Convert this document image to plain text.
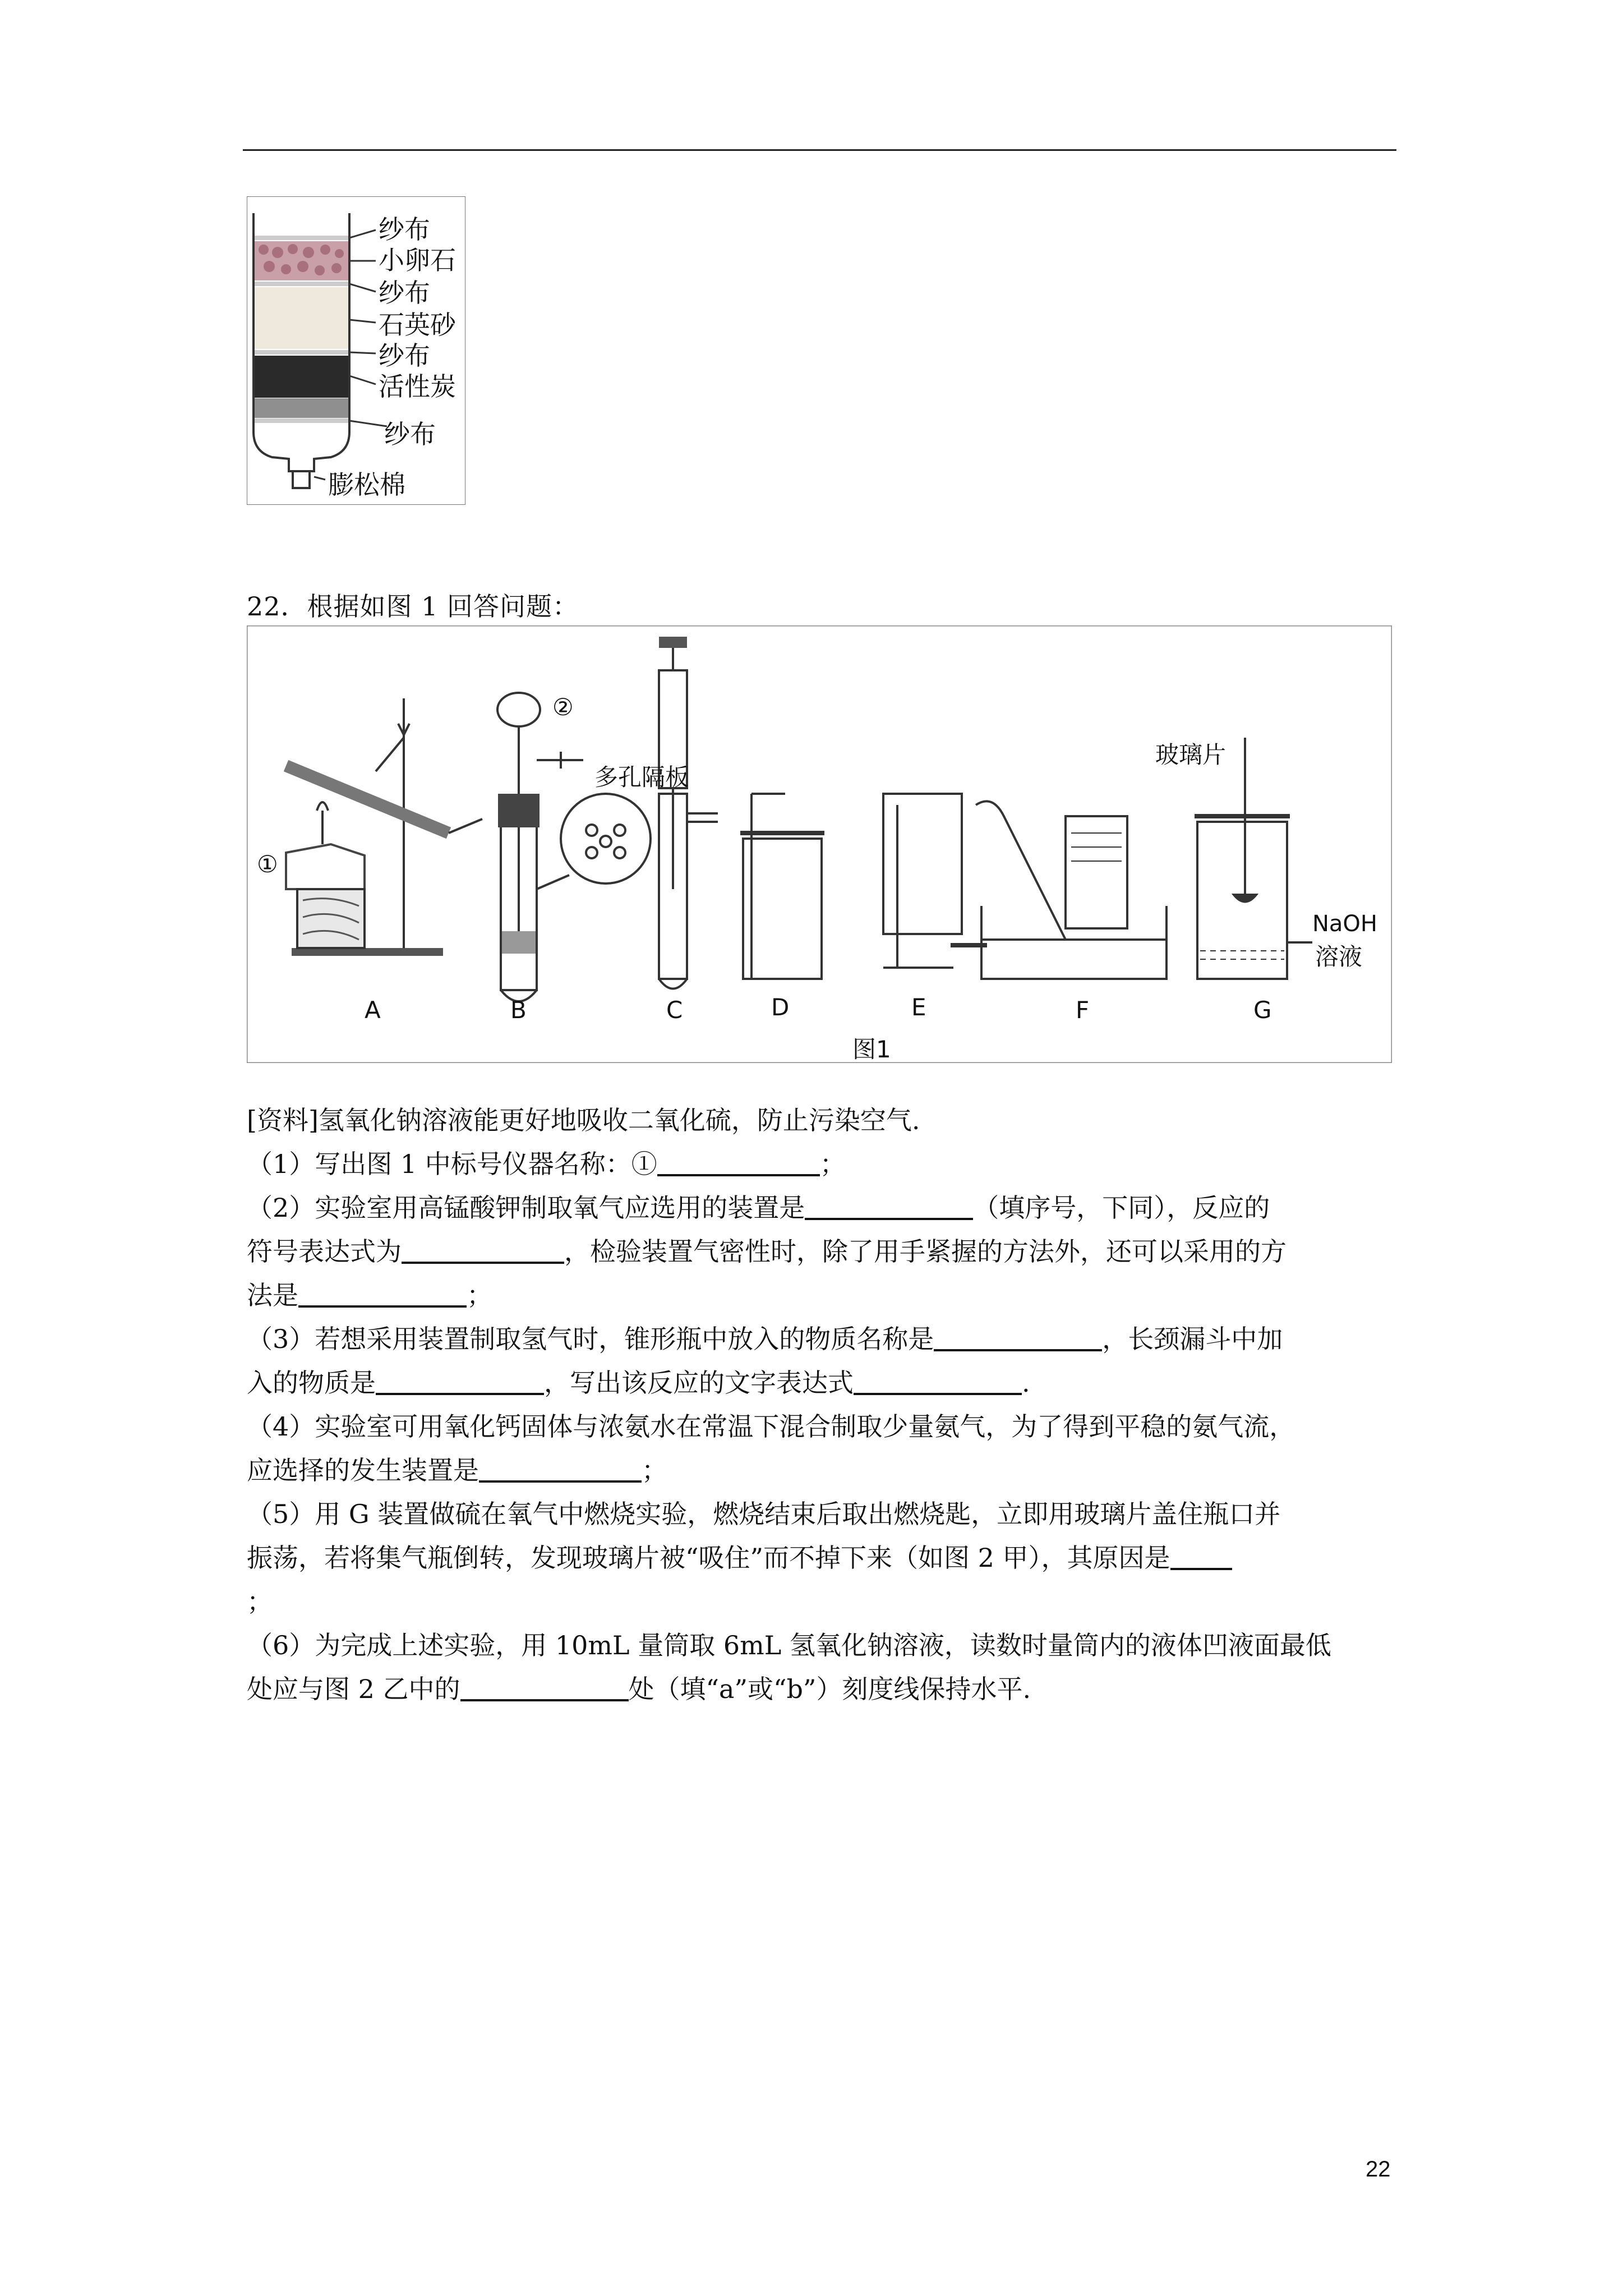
纱布
小卵石
纱布
石英砂
纱布
活性炭
纱布
膨松棉
22．根据如图 1 回答问题：
①
②
多孔隔板
玻璃片
NaOH
溶液
A	B	C	D	E	F	G
图1

[资料]氢氧化钠溶液能更好地吸收二氧化硫，防止污染空气.

（1）写出图 1 中标号仪器名称：①	；

（2）实验室用高锰酸钾制取氧气应选用的装置是	（填序号，下同），反应的

符号表达式为	，检验装置气密性时，除了用手紧握的方法外，还可以采用的方

法是	；

（3）若想采用装置制取氢气时，锥形瓶中放入的物质名称是	，长颈漏斗中加

入的物质是	，写出该反应的文字表达式	.

（4）实验室可用氧化钙固体与浓氨水在常温下混合制取少量氨气，为了得到平稳的氨气流，

应选择的发生装置是	；

（5）用 G 装置做硫在氧气中燃烧实验，燃烧结束后取出燃烧匙，立即用玻璃片盖住瓶口并

振荡，若将集气瓶倒转，发现玻璃片被“吸住”而不掉下来（如图 2 甲），其原因是

；

（6）为完成上述实验，用 10mL 量筒取 6mL 氢氧化钠溶液，读数时量筒内的液体凹液面最低

处应与图 2 乙中的	处（填“a”或“b”）刻度线保持水平.

22
